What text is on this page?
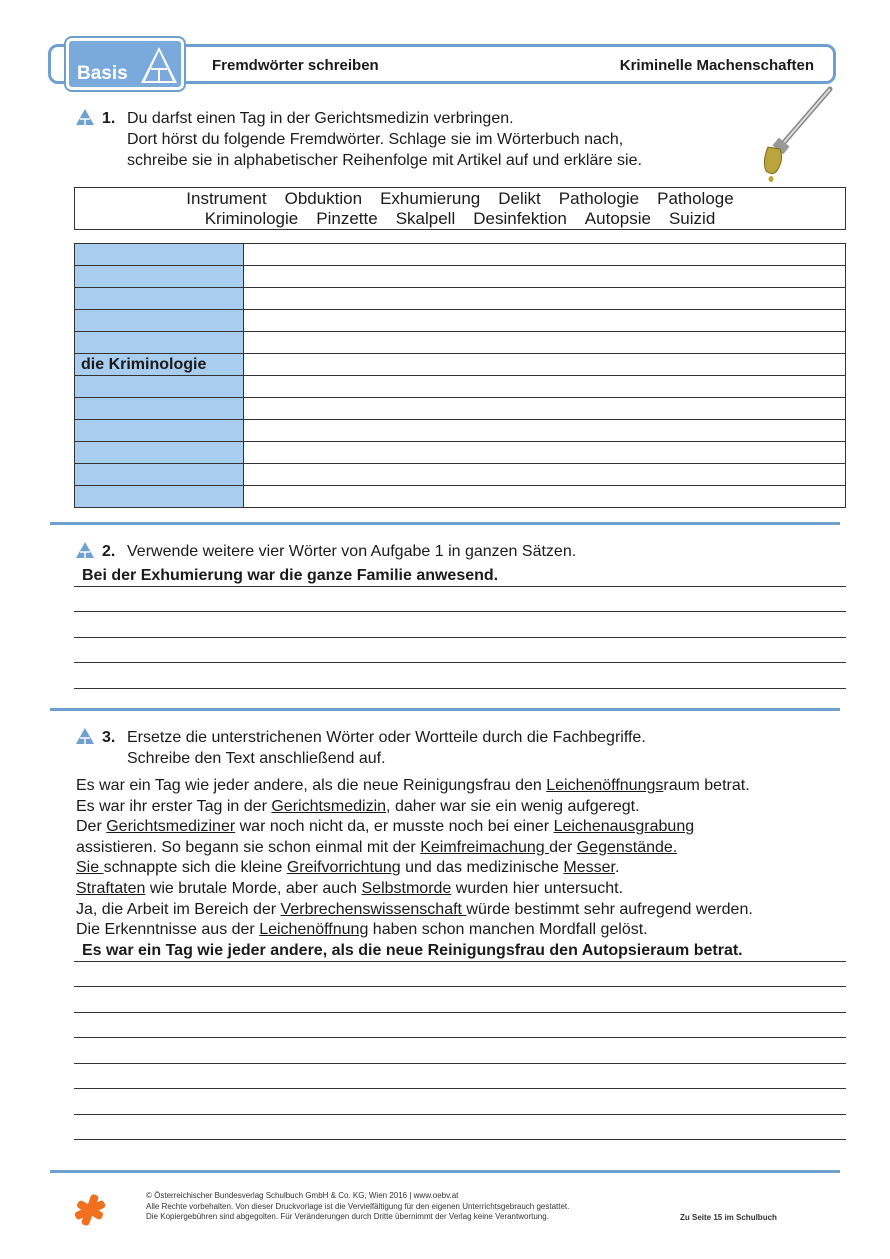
Basis	Fremdwörter schreiben	Kriminelle Machenschaften
1. Du darfst einen Tag in der Gerichtsmedizin verbringen.
Dort hörst du folgende Fremdwörter. Schlage sie im Wörterbuch nach,
schreibe sie in alphabetischer Reihenfolge mit Artikel auf und erkläre sie.
Instrument Obduktion Exhumierung Delikt Pathologie Pathologe
Kriminologie Pinzette Skalpell Desinfektion Autopsie Suizid

die Kriminologie	

2. Verwende weitere vier Wörter von Aufgabe 1 in ganzen Sätzen.
Bei der Exhumierung war die ganze Familie anwesend.
3. Ersetze die unterstrichenen Wörter oder Wortteile durch die Fachbegriffe.
Schreibe den Text anschließend auf.
Es war ein Tag wie jeder andere, als die neue Reinigungsfrau den Leichenöffnungsraum betrat.
Es war ihr erster Tag in der Gerichtsmedizin, daher war sie ein wenig aufgeregt.
Der Gerichtsmediziner war noch nicht da, er musste noch bei einer Leichenausgrabung
assistieren. So begann sie schon einmal mit der Keimfreimachung der Gegenstände.
Sie schnappte sich die kleine Greifvorrichtung und das medizinische Messer.
Straftaten wie brutale Morde, aber auch Selbstmorde wurden hier untersucht.
Ja, die Arbeit im Bereich der Verbrechenswissenschaft würde bestimmt sehr aufregend werden.
Die Erkenntnisse aus der Leichenöffnung haben schon manchen Mordfall gelöst.
Es war ein Tag wie jeder andere, als die neue Reinigungsfrau den Autopsieraum betrat.
© Österreichischer Bundesverlag Schulbuch GmbH & Co. KG, Wien 2016 | www.oebv.at
Alle Rechte vorbehalten. Von dieser Druckvorlage ist die Vervielfältigung für den eigenen Unterrichtsgebrauch gestattet.
Die Kopiergebühren sind abgegolten. Für Veränderungen durch Dritte übernimmt der Verlag keine Verantwortung.	Zu Seite 15 im Schulbuch
